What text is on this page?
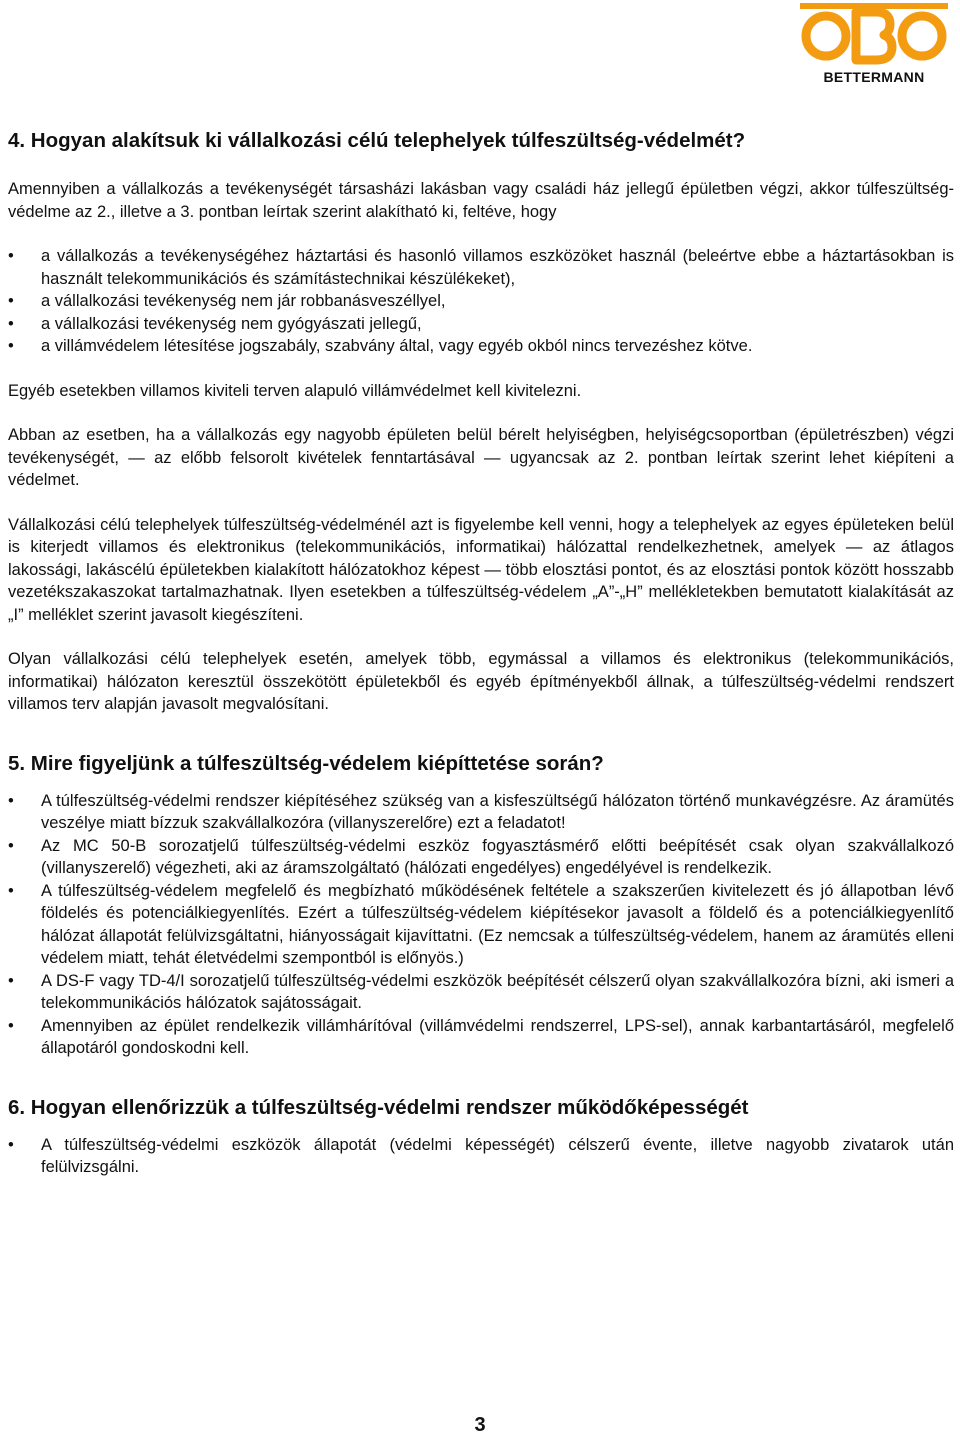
BETTERMANN
4. Hogyan alakítsuk ki vállalkozási célú telephelyek túlfeszültség-védelmét?

Amennyiben a vállalkozás a tevékenységét társasházi lakásban vagy családi ház jellegű épületben végzi, akkor túlfeszültség-védelme az 2., illetve a 3. pontban leírtak szerint alakítható ki, feltéve, hogy

• a vállalkozás a tevékenységéhez háztartási és hasonló villamos eszközöket használ (beleértve ebbe a háztartásokban is használt telekommunikációs és számítástechnikai készülékeket),
• a vállalkozási tevékenység nem jár robbanásveszéllyel,
• a vállalkozási tevékenység nem gyógyászati jellegű,
• a villámvédelem létesítése jogszabály, szabvány által, vagy egyéb okból nincs tervezéshez kötve.

Egyéb esetekben villamos kiviteli terven alapuló villámvédelmet kell kivitelezni.

Abban az esetben, ha a vállalkozás egy nagyobb épületen belül bérelt helyiségben, helyiségcsoportban (épületrészben) végzi tevékenységét, — az előbb felsorolt kivételek fenntartásával — ugyancsak az 2. pontban leírtak szerint lehet kiépíteni a védelmet.

Vállalkozási célú telephelyek túlfeszültség-védelménél azt is figyelembe kell venni, hogy a telephelyek az egyes épületeken belül is kiterjedt villamos és elektronikus (telekommunikációs, informatikai) hálózattal rendelkezhetnek, amelyek — az átlagos lakossági, lakáscélú épületekben kialakított hálózatokhoz képest — több elosztási pontot, és az elosztási pontok között hosszabb vezetékszakaszokat tartalmazhatnak. Ilyen esetekben a túlfeszültség-védelem „A”-„H” mellékletekben bemutatott kialakítását az „I” melléklet szerint javasolt kiegészíteni.

Olyan vállalkozási célú telephelyek esetén, amelyek több, egymással a villamos és elektronikus (telekommunikációs, informatikai) hálózaton keresztül összekötött épületekből és egyéb építményekből állnak, a túlfeszültség-védelmi rendszert villamos terv alapján javasolt megvalósítani.

5. Mire figyeljünk a túlfeszültség-védelem kiépíttetése során?
• A túlfeszültség-védelmi rendszer kiépítéséhez szükség van a kisfeszültségű hálózaton történő munkavégzésre. Az áramütés veszélye miatt bízzuk szakvállalkozóra (villanyszerelőre) ezt a feladatot!
• Az MC 50-B sorozatjelű túlfeszültség-védelmi eszköz fogyasztásmérő előtti beépítését csak olyan szakvállalkozó (villanyszerelő) végezheti, aki az áramszolgáltató (hálózati engedélyes) engedélyével is rendelkezik.
• A túlfeszültség-védelem megfelelő és megbízható működésének feltétele a szakszerűen kivitelezett és jó állapotban lévő földelés és potenciálkiegyenlítés. Ezért a túlfeszültség-védelem kiépítésekor javasolt a földelő és a potenciálkiegyenlítő hálózat állapotát felülvizsgáltatni, hiányosságait kijavíttatni. (Ez nemcsak a túlfeszültség-védelem, hanem az áramütés elleni védelem miatt, tehát életvédelmi szempontból is előnyös.)
• A DS-F vagy TD-4/I sorozatjelű túlfeszültség-védelmi eszközök beépítését célszerű olyan szakvállalkozóra bízni, aki ismeri a telekommunikációs hálózatok sajátosságait.
• Amennyiben az épület rendelkezik villámhárítóval (villámvédelmi rendszerrel, LPS-sel), annak karbantartásáról, megfelelő állapotáról gondoskodni kell.
6. Hogyan ellenőrizzük a túlfeszültség-védelmi rendszer működőképességét
• A túlfeszültség-védelmi eszközök állapotát (védelmi képességét) célszerű évente, illetve nagyobb zivatarok után felülvizsgálni.
3
